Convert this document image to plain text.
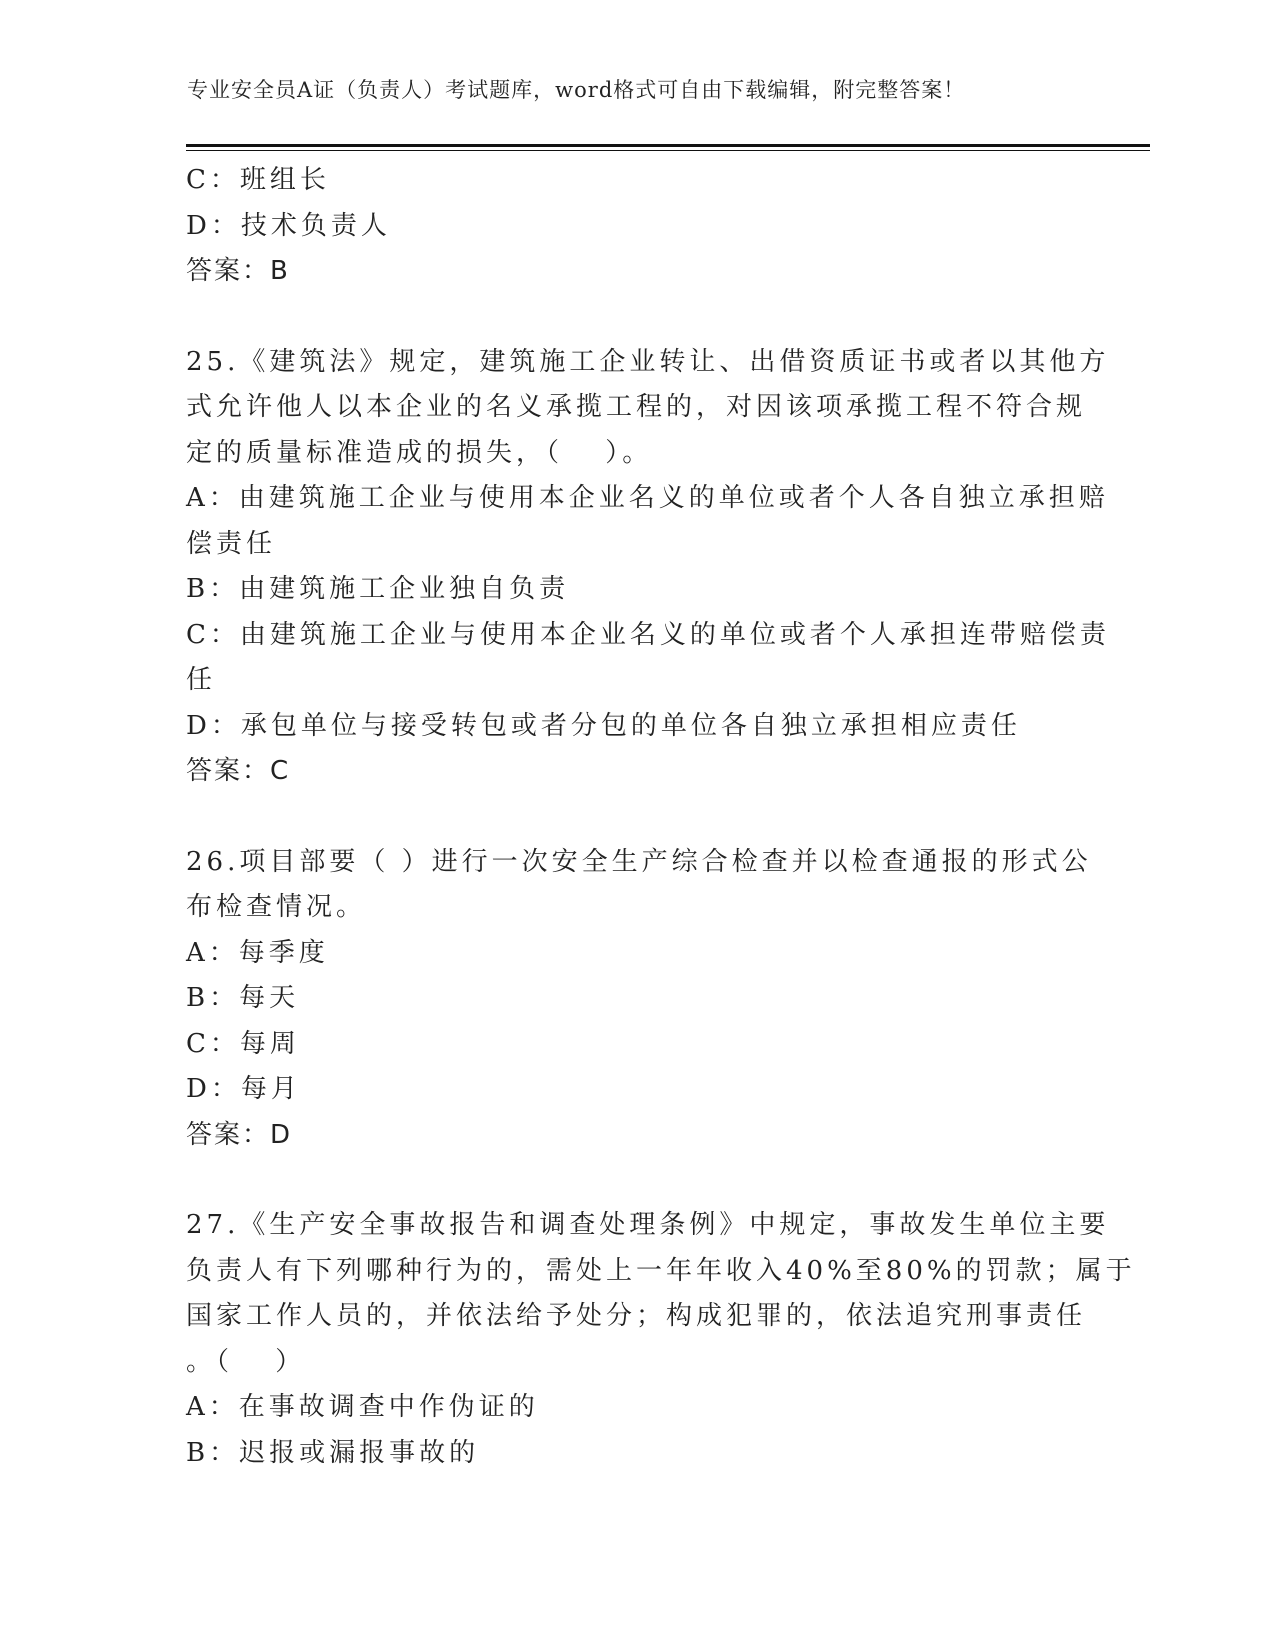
专业安全员A证（负责人）考试题库，word格式可自由下载编辑，附完整答案！
C：班组长
D：技术负责人
答案：B
25.《建筑法》规定，建筑施工企业转让、出借资质证书或者以其他方
式允许他人以本企业的名义承揽工程的，对因该项承揽工程不符合规
定的质量标准造成的损失，（　 ）。
A：由建筑施工企业与使用本企业名义的单位或者个人各自独立承担赔
偿责任
B：由建筑施工企业独自负责
C：由建筑施工企业与使用本企业名义的单位或者个人承担连带赔偿责
任
D：承包单位与接受转包或者分包的单位各自独立承担相应责任
答案：C
26.项目部要（ ）进行一次安全生产综合检查并以检查通报的形式公
布检查情况。
A：每季度
B：每天
C：每周
D：每月
答案：D
27.《生产安全事故报告和调查处理条例》中规定，事故发生单位主要
负责人有下列哪种行为的，需处上一年年收入40%至80%的罚款；属于
国家工作人员的，并依法给予处分；构成犯罪的，依法追究刑事责任
。（　 ）
A：在事故调查中作伪证的
B：迟报或漏报事故的
